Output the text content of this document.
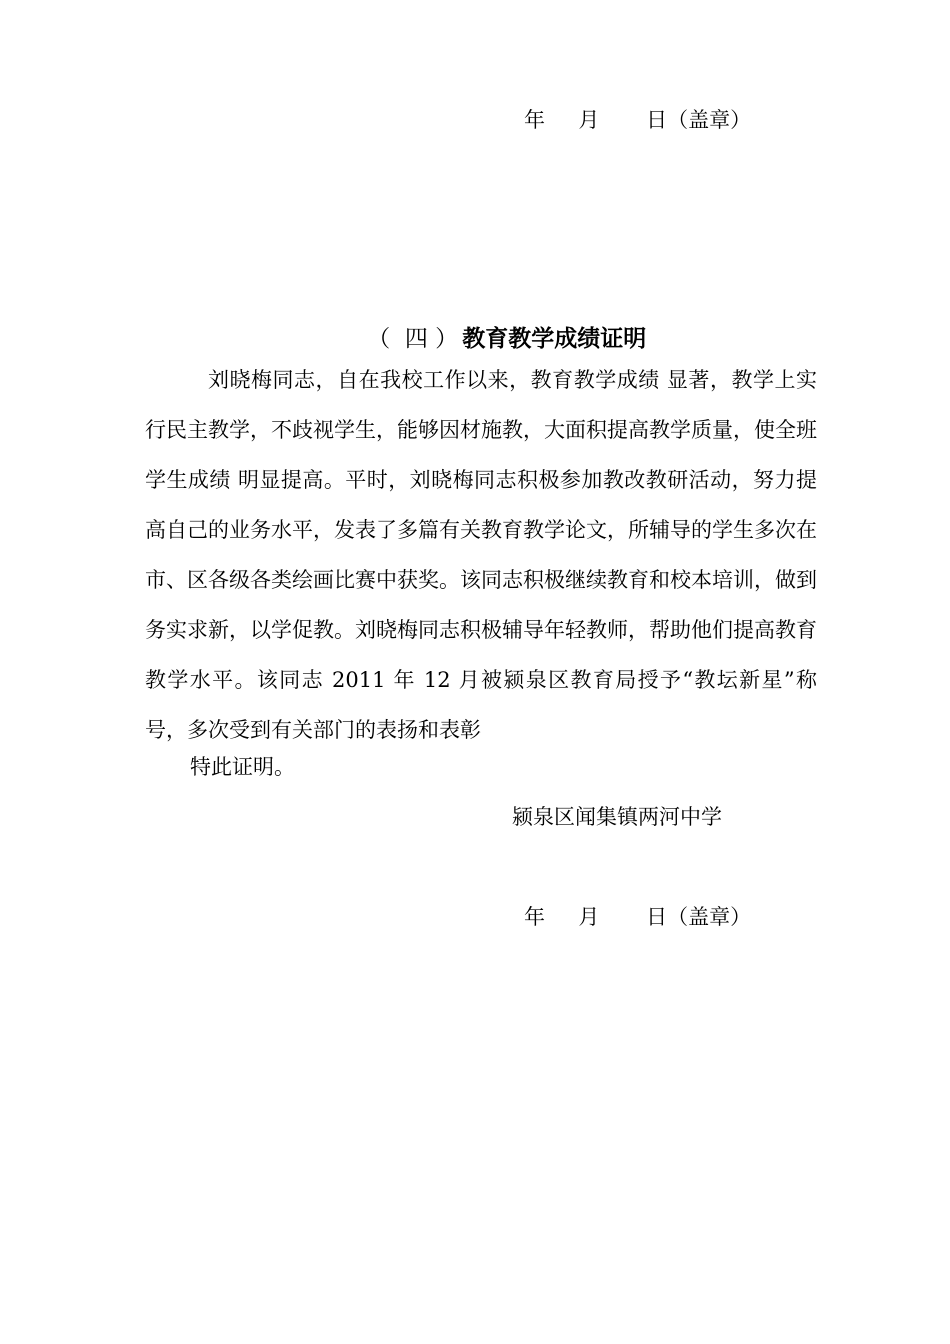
年     月       日（盖章）

（  四 ） 教育教学成绩证明

刘晓梅同志，自在我校工作以来，教育教学成绩 显著，教学上实行民主教学，不歧视学生，能够因材施教，大面积提高教学质量，使全班学生成绩 明显提高。平时，刘晓梅同志积极参加教改教研活动，努力提高自己的业务水平，发表了多篇有关教育教学论文，所辅导的学生多次在市、区各级各类绘画比赛中获奖。该同志积极继续教育和校本培训，做到务实求新，以学促教。刘晓梅同志积极辅导年轻教师，帮助他们提高教育教学水平。该同志 2011 年 12 月被颍泉区教育局授予“教坛新星”称号，多次受到有关部门的表扬和表彰

特此证明。

颍泉区闻集镇两河中学

年     月       日（盖章）
